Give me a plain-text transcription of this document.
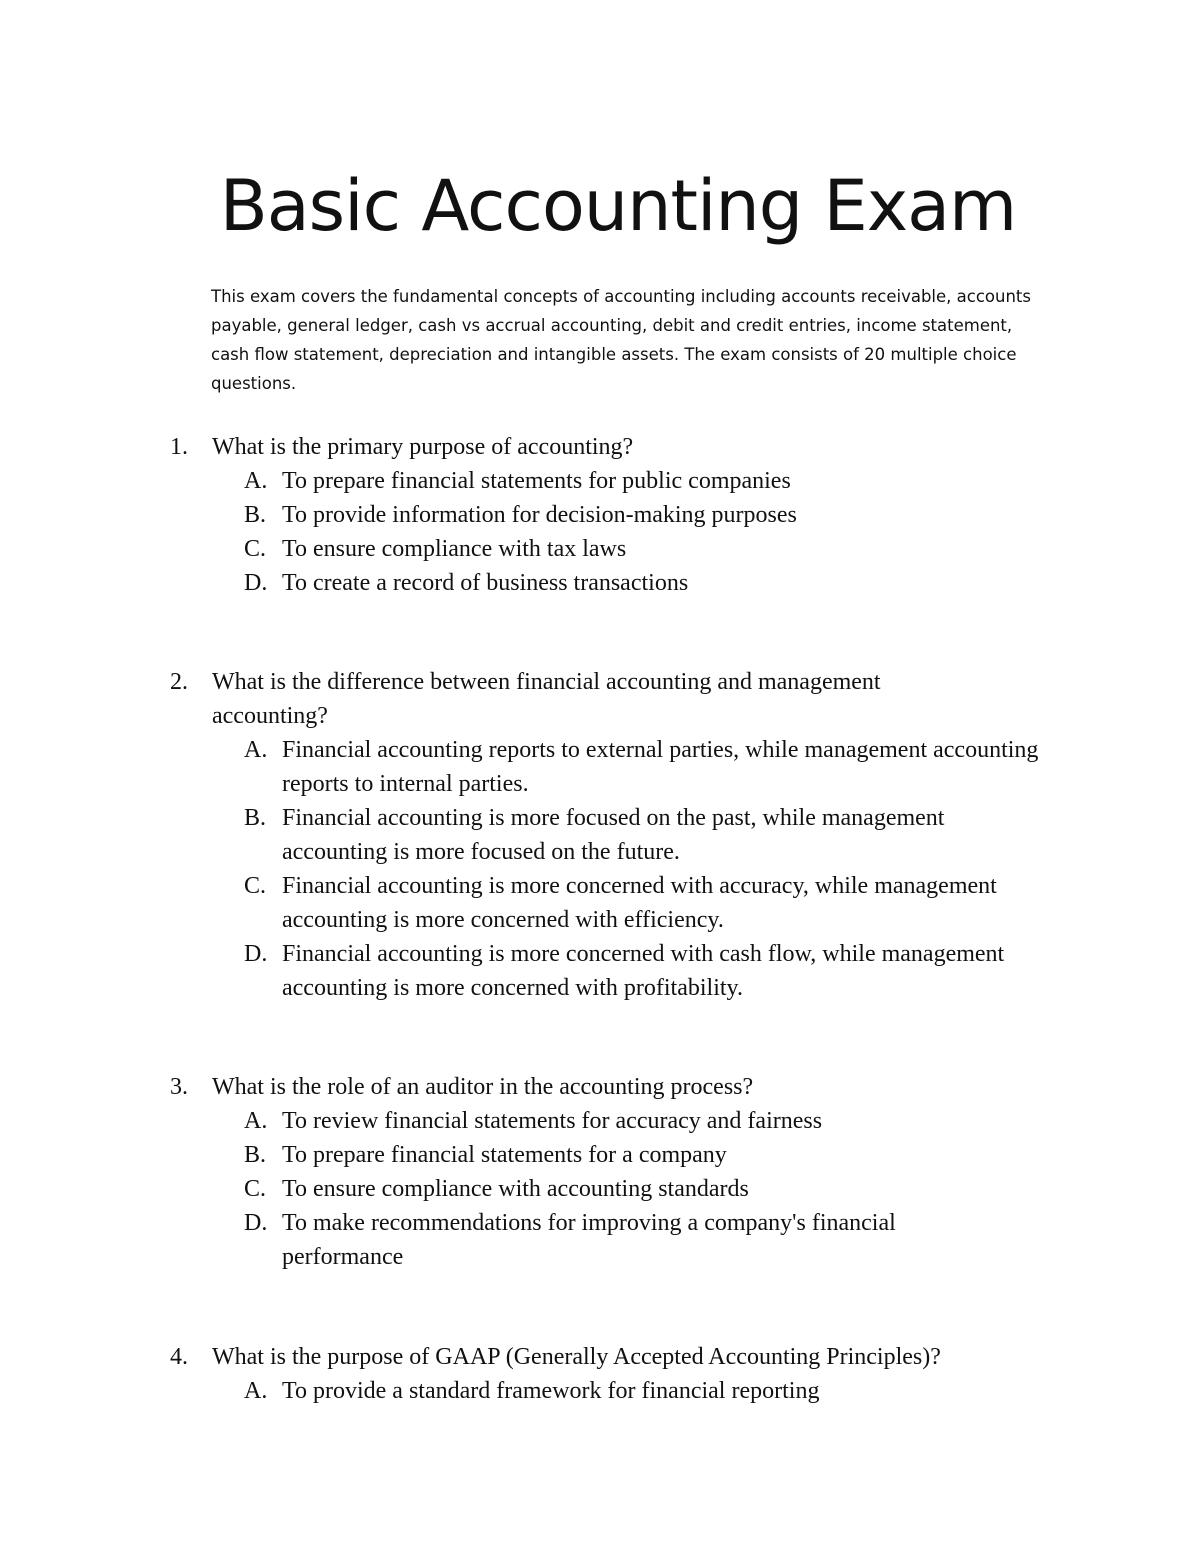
Basic Accounting Exam

This exam covers the fundamental concepts of accounting including accounts receivable, accounts payable, general ledger, cash vs accrual accounting, debit and credit entries, income statement, cash flow statement, depreciation and intangible assets. The exam consists of 20 multiple choice questions.

1.	What is the primary purpose of accounting?
A. To prepare financial statements for public companies
B. To provide information for decision-making purposes
C. To ensure compliance with tax laws
D. To create a record of business transactions
2.	What is the difference between financial accounting and management accounting?
A. Financial accounting reports to external parties, while management accounting reports to internal parties.
B. Financial accounting is more focused on the past, while management accounting is more focused on the future.
C. Financial accounting is more concerned with accuracy, while management accounting is more concerned with efficiency.
D. Financial accounting is more concerned with cash flow, while management accounting is more concerned with profitability.
3.	What is the role of an auditor in the accounting process?
A. To review financial statements for accuracy and fairness
B. To prepare financial statements for a company
C. To ensure compliance with accounting standards
D. To make recommendations for improving a company's financial performance
4.	What is the purpose of GAAP (Generally Accepted Accounting Principles)?
A. To provide a standard framework for financial reporting
